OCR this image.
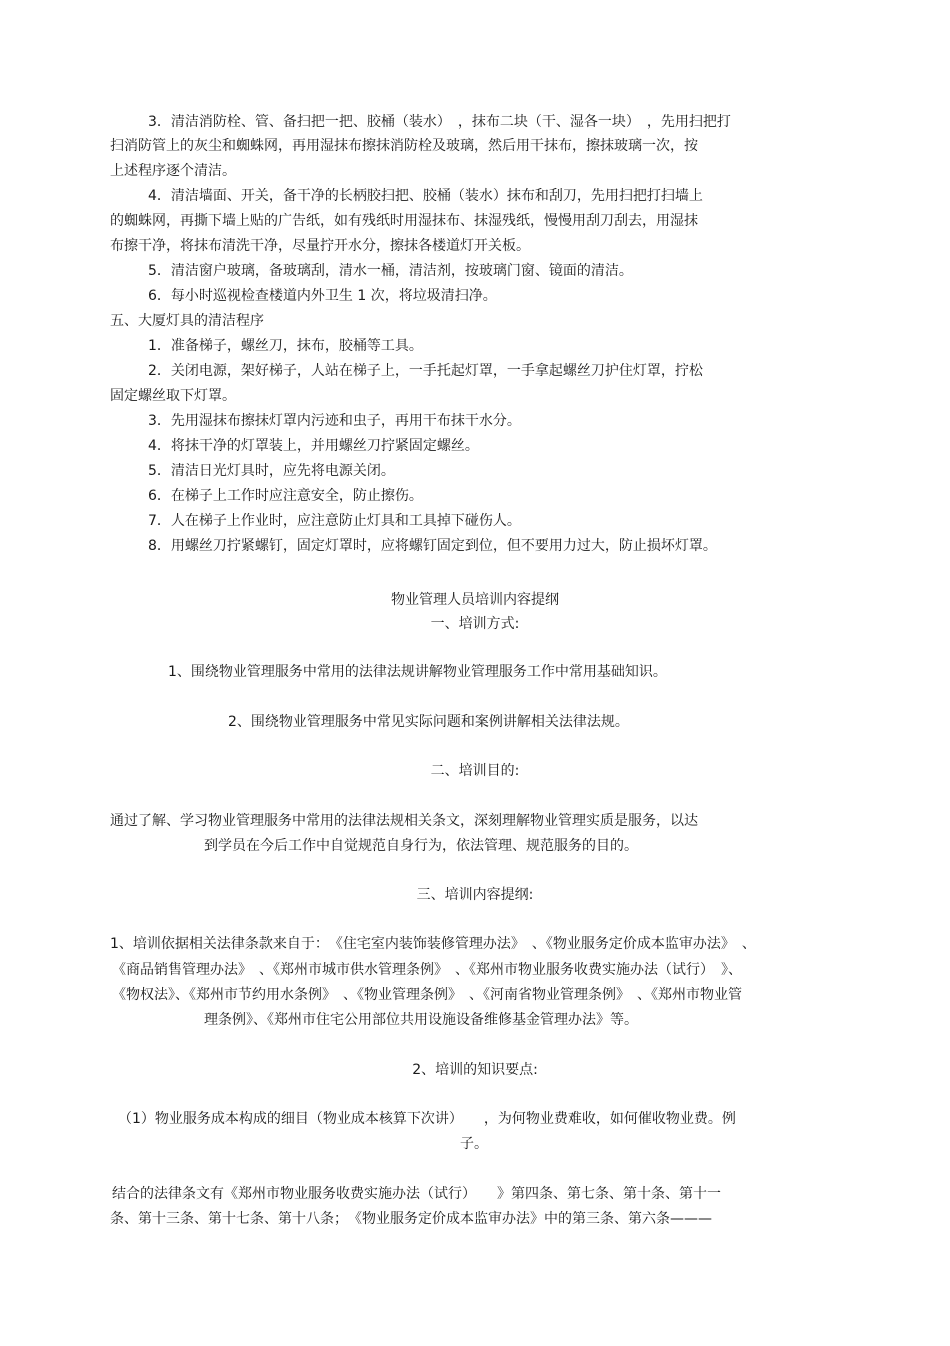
3．清洁消防栓、管、备扫把一把、胶桶（装水）　，抹布二块（干、湿各一块）　，先用扫把打
扫消防管上的灰尘和蜘蛛网，再用湿抹布擦抹消防栓及玻璃，然后用干抹布，擦抹玻璃一次，按
上述程序逐个清洁。
4．清洁墙面、开关，备干净的长柄胶扫把、胶桶（装水）抹布和刮刀，先用扫把打扫墙上
的蜘蛛网，再撕下墙上贴的广告纸，如有残纸时用湿抹布、抹湿残纸，慢慢用刮刀刮去，用湿抹
布擦干净，将抹布清洗干净，尽量拧开水分，擦抹各楼道灯开关板。
5．清洁窗户玻璃，备玻璃刮，清水一桶，清洁剂，按玻璃门窗、镜面的清洁。
6．每小时巡视检查楼道内外卫生 1 次，将垃圾清扫净。
五、大厦灯具的清洁程序
1．准备梯子，螺丝刀，抹布，胶桶等工具。
2．关闭电源，架好梯子，人站在梯子上，一手托起灯罩，一手拿起螺丝刀护住灯罩，拧松
固定螺丝取下灯罩。
3．先用湿抹布擦抹灯罩内污迹和虫子，再用干布抹干水分。
4．将抹干净的灯罩装上，并用螺丝刀拧紧固定螺丝。
5．清洁日光灯具时，应先将电源关闭。
6．在梯子上工作时应注意安全，防止擦伤。
7．人在梯子上作业时，应注意防止灯具和工具掉下碰伤人。
8．用螺丝刀拧紧螺钉，固定灯罩时，应将螺钉固定到位，但不要用力过大，防止损坏灯罩。
物业管理人员培训内容提纲
一、培训方式:
1、围绕物业管理服务中常用的法律法规讲解物业管理服务工作中常用基础知识。
2、围绕物业管理服务中常见实际问题和案例讲解相关法律法规。
二、培训目的:
通过了解、学习物业管理服务中常用的法律法规相关条文，深刻理解物业管理实质是服务，以达
到学员在今后工作中自觉规范自身行为，依法管理、规范服务的目的。
三、培训内容提纲:
1、培训依据相关法律条款来自于：　《住宅室内装饰装修管理办法》　、《物业服务定价成本监审办法》　、
《商品销售管理办法》　、《郑州市城市供水管理条例》　、《郑州市物业服务收费实施办法（试行）　》、
《物权法》、《郑州市节约用水条例》　、《物业管理条例》　、《河南省物业管理条例》　、《郑州市物业管
理条例》、《郑州市住宅公用部位共用设施设备维修基金管理办法》等。
2、培训的知识要点:
（1）物业服务成本构成的细目（物业成本核算下次讲）　　，为何物业费难收，如何催收物业费。例
子。
结合的法律条文有《郑州市物业服务收费实施办法（试行）　　》第四条、第七条、第十条、第十一
条、第十三条、第十七条、第十八条；　《物业服务定价成本监审办法》中的第三条、第六条———
